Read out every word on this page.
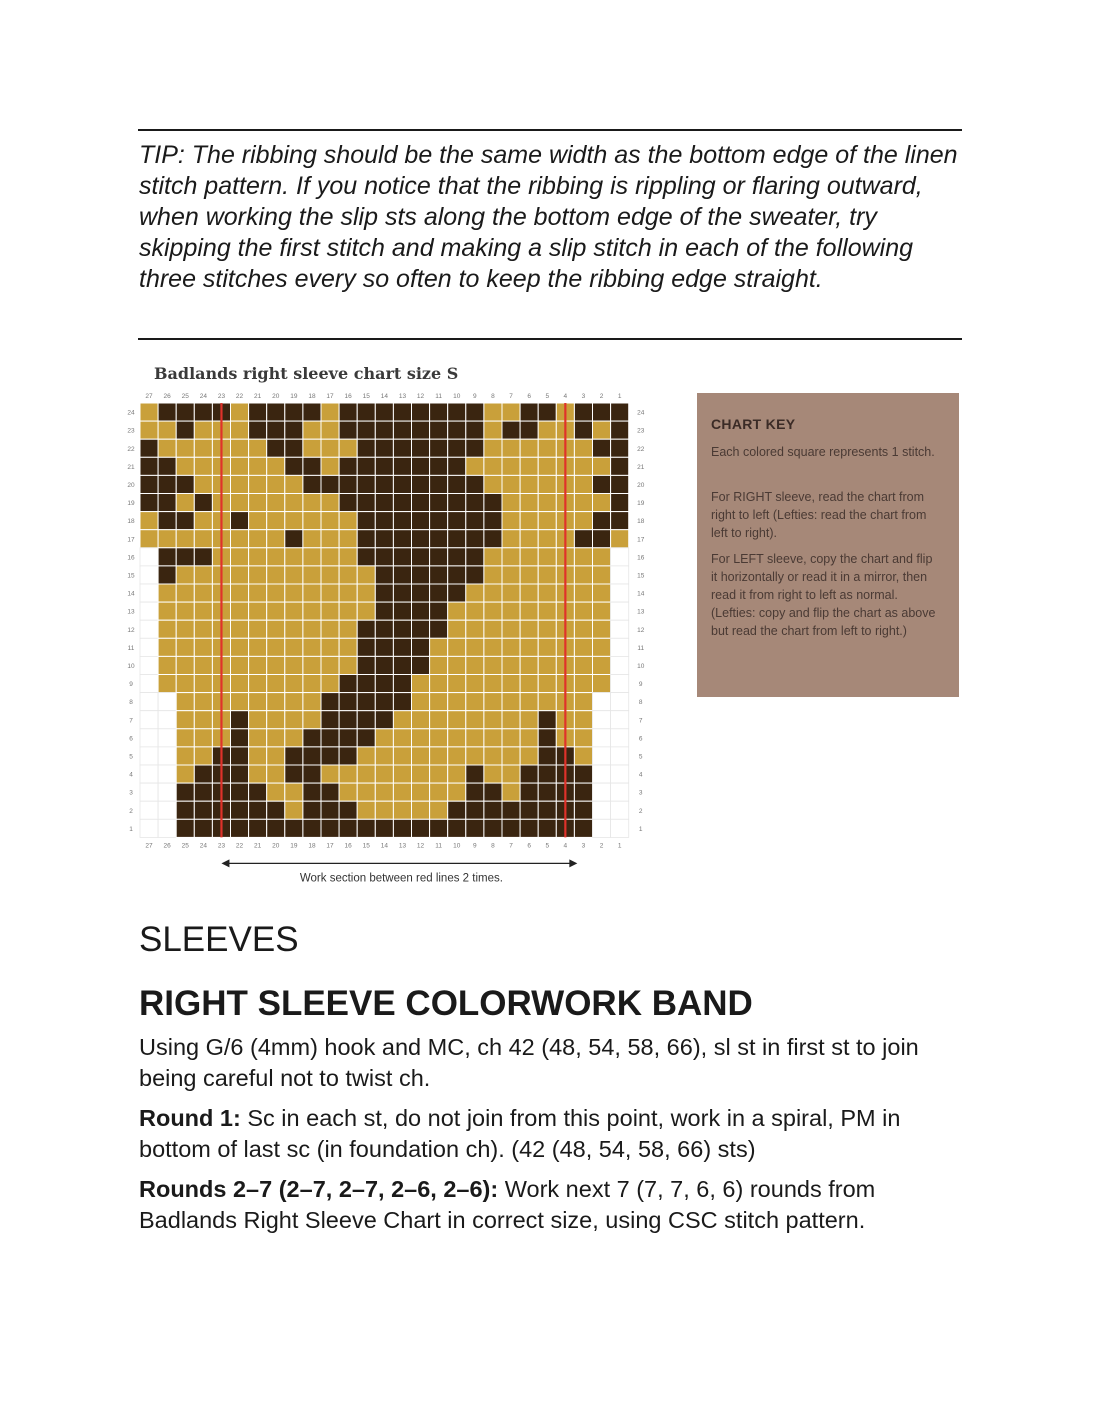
TIP: The ribbing should be the same width as the bottom edge of the linen stitch pattern. If you notice that the ribbing is rippling or flaring outward, when working the slip sts along the bottom edge of the sweater, try skipping the first stitch and making a slip stitch in each of the following three stitches every so often to keep the ribbing edge straight.

Badlands right sleeve chart size S
27
27
26
26
25
25
24
24
23
23
22
22
21
21
20
20
19
19
18
18
17
17
16
16
15
15
14
14
13
13
12
12
11
11
10
10
9
9
8
8
7
7
6
6
5
5
4
4
3
3
2
2
1
1
24	24
23	23
22	22
21	21
20	20
19	19
18	18
17	17
16	16
15	15
14	14
13	13
12	12
11	11
10	10
9	9
8	8
7	7
6	6
5	5
4	4
3	3
2	2
1	1
Work section between red lines 2 times.
CHART KEY

Each colored square represents 1 stitch.

For RIGHT sleeve, read the chart from right to left (Lefties: read the chart from left to right).

For LEFT sleeve, copy the chart and flip it horizontally or read it in a mirror, then read it from right to left as normal. (Lefties: copy and flip the chart as above but read the chart from left to right.)

SLEEVES
RIGHT SLEEVE COLORWORK BAND

Using G/6 (4mm) hook and MC, ch 42 (48, 54, 58, 66), sl st in first st to join being careful not to twist ch.

Round 1: Sc in each st, do not join from this point, work in a spiral, PM in bottom of last sc (in foundation ch). (42 (48, 54, 58, 66) sts)

Rounds 2–7 (2–7, 2–7, 2–6, 2–6): Work next 7 (7, 7, 6, 6) rounds from Badlands Right Sleeve Chart in correct size, using CSC stitch pattern.
